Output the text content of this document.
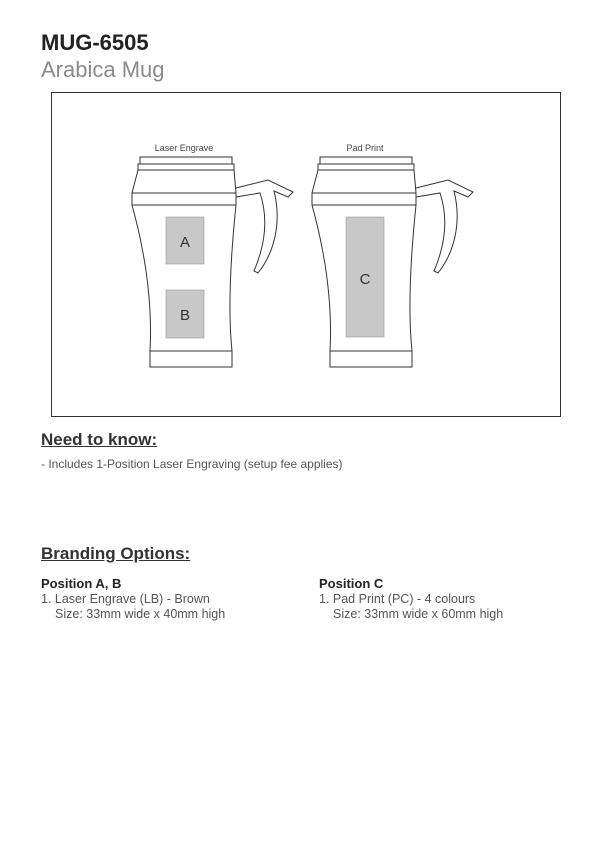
MUG-6505
Arabica Mug
Laser Engrave	Pad Print
A
B
C
Need to know:
- Includes 1-Position Laser Engraving (setup fee applies)
Branding Options:
Position A, B
1. Laser Engrave (LB) - Brown
Size: 33mm wide x 40mm high
Position C
1. Pad Print (PC) - 4 colours
Size: 33mm wide x 60mm high
